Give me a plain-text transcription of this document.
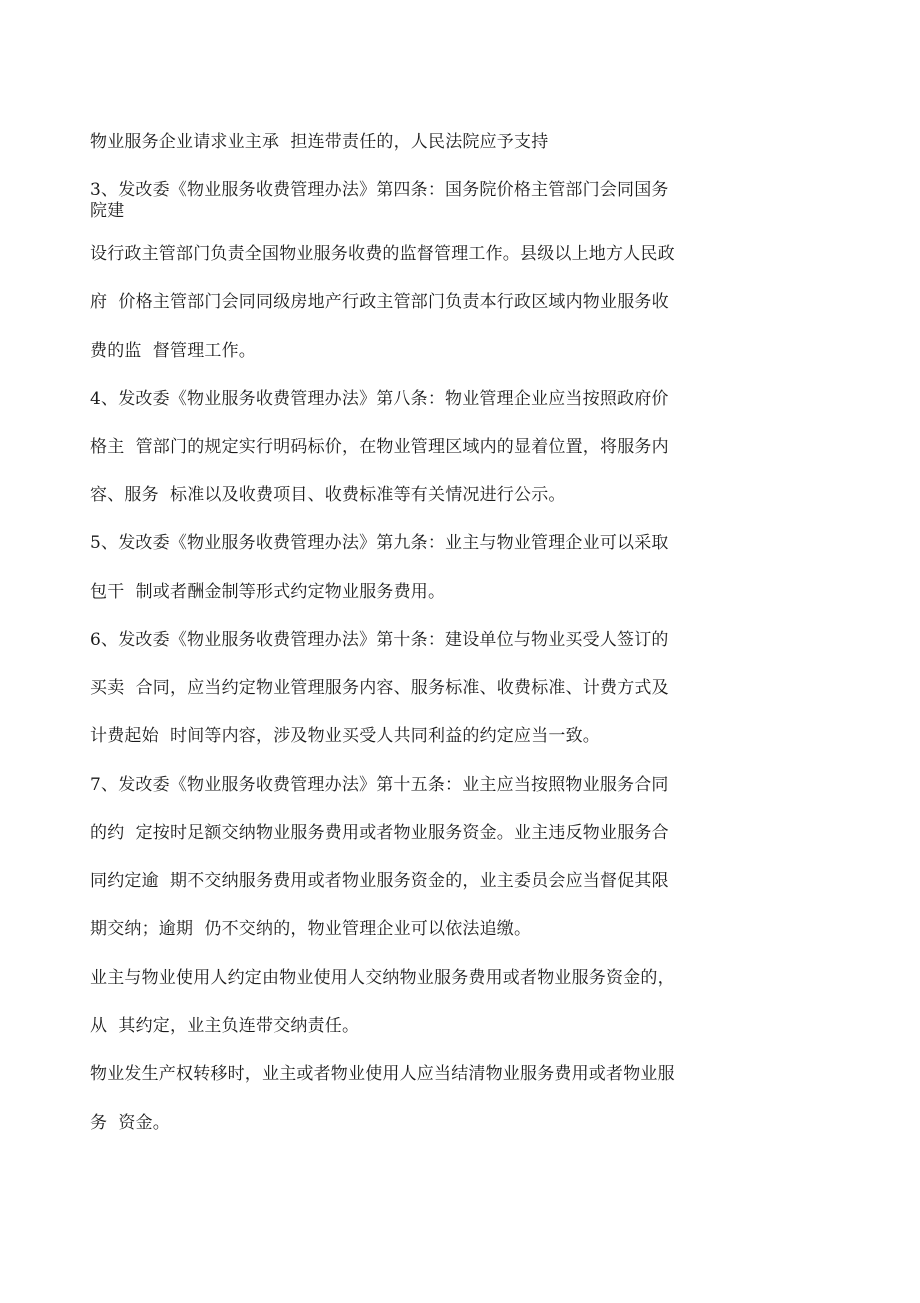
物业服务企业请求业主承  担连带责任的，人民法院应予支持
3、发改委《物业服务收费管理办法》第四条：国务院价格主管部门会同国务
院建
设行政主管部门负责全国物业服务收费的监督管理工作。县级以上地方人民政
府  价格主管部门会同同级房地产行政主管部门负责本行政区域内物业服务收
费的监  督管理工作。
4、发改委《物业服务收费管理办法》第八条：物业管理企业应当按照政府价
格主  管部门的规定实行明码标价，在物业管理区域内的显着位置，将服务内
容、服务  标准以及收费项目、收费标准等有关情况进行公示。
5、发改委《物业服务收费管理办法》第九条：业主与物业管理企业可以采取
包干  制或者酬金制等形式约定物业服务费用。
6、发改委《物业服务收费管理办法》第十条：建设单位与物业买受人签订的
买卖  合同，应当约定物业管理服务内容、服务标准、收费标准、计费方式及
计费起始  时间等内容，涉及物业买受人共同利益的约定应当一致。
7、发改委《物业服务收费管理办法》第十五条：业主应当按照物业服务合同
的约  定按时足额交纳物业服务费用或者物业服务资金。业主违反物业服务合
同约定逾  期不交纳服务费用或者物业服务资金的，业主委员会应当督促其限
期交纳；逾期  仍不交纳的，物业管理企业可以依法追缴。
业主与物业使用人约定由物业使用人交纳物业服务费用或者物业服务资金的，
从  其约定，业主负连带交纳责任。
物业发生产权转移时，业主或者物业使用人应当结清物业服务费用或者物业服
务  资金。
